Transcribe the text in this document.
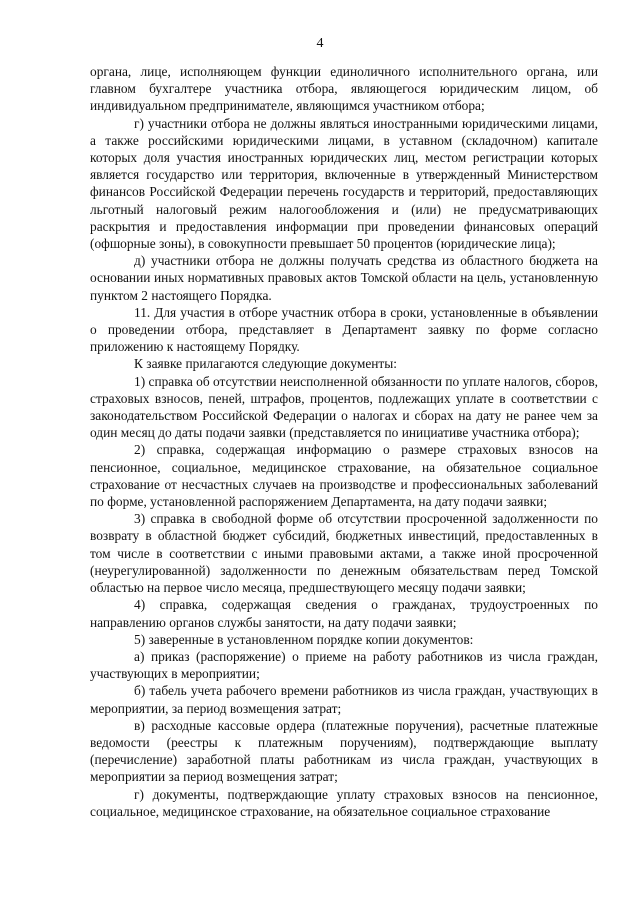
4

органа, лице, исполняющем функции единоличного исполнительного органа, или главном бухгалтере участника отбора, являющегося юридическим лицом, об индивидуальном предпринимателе, являющимся участником отбора;

г) участники отбора не должны являться иностранными юридическими лицами, а также российскими юридическими лицами, в уставном (складочном) капитале которых доля участия иностранных юридических лиц, местом регистрации которых является государство или территория, включенные в утвержденный Министерством финансов Российской Федерации перечень государств и территорий, предоставляющих льготный налоговый режим налогообложения и (или) не предусматривающих раскрытия и предоставления информации при проведении финансовых операций (офшорные зоны), в совокупности превышает 50 процентов (юридические лица);

д) участники отбора не должны получать средства из областного бюджета на основании иных нормативных правовых актов Томской области на цель, установленную пунктом 2 настоящего Порядка.

11. Для участия в отборе участник отбора в сроки, установленные в объявлении о проведении отбора, представляет в Департамент заявку по форме согласно приложению к настоящему Порядку.

К заявке прилагаются следующие документы:

1) справка об отсутствии неисполненной обязанности по уплате налогов, сборов, страховых взносов, пеней, штрафов, процентов, подлежащих уплате в соответствии с законодательством Российской Федерации о налогах и сборах на дату не ранее чем за один месяц до даты подачи заявки (представляется по инициативе участника отбора);

2) справка, содержащая информацию о размере страховых взносов на пенсионное, социальное, медицинское страхование, на обязательное социальное страхование от несчастных случаев на производстве и профессиональных заболеваний по форме, установленной распоряжением Департамента, на дату подачи заявки;

3) справка в свободной форме об отсутствии просроченной задолженности по возврату в областной бюджет субсидий, бюджетных инвестиций, предоставленных в том числе в соответствии с иными правовыми актами, а также иной просроченной (неурегулированной) задолженности по денежным обязательствам перед Томской областью на первое число месяца, предшествующего месяцу подачи заявки;

4) справка, содержащая сведения о гражданах, трудоустроенных по направлению органов службы занятости, на дату подачи заявки;

5) заверенные в установленном порядке копии документов:

а) приказ (распоряжение) о приеме на работу работников из числа граждан, участвующих в мероприятии;

б) табель учета рабочего времени работников из числа граждан, участвующих в мероприятии, за период возмещения затрат;

в) расходные кассовые ордера (платежные поручения), расчетные платежные ведомости (реестры к платежным поручениям), подтверждающие выплату (перечисление) заработной платы работникам из числа граждан, участвующих в мероприятии за период возмещения затрат;

г) документы, подтверждающие уплату страховых взносов на пенсионное, социальное, медицинское страхование, на обязательное социальное страхование
